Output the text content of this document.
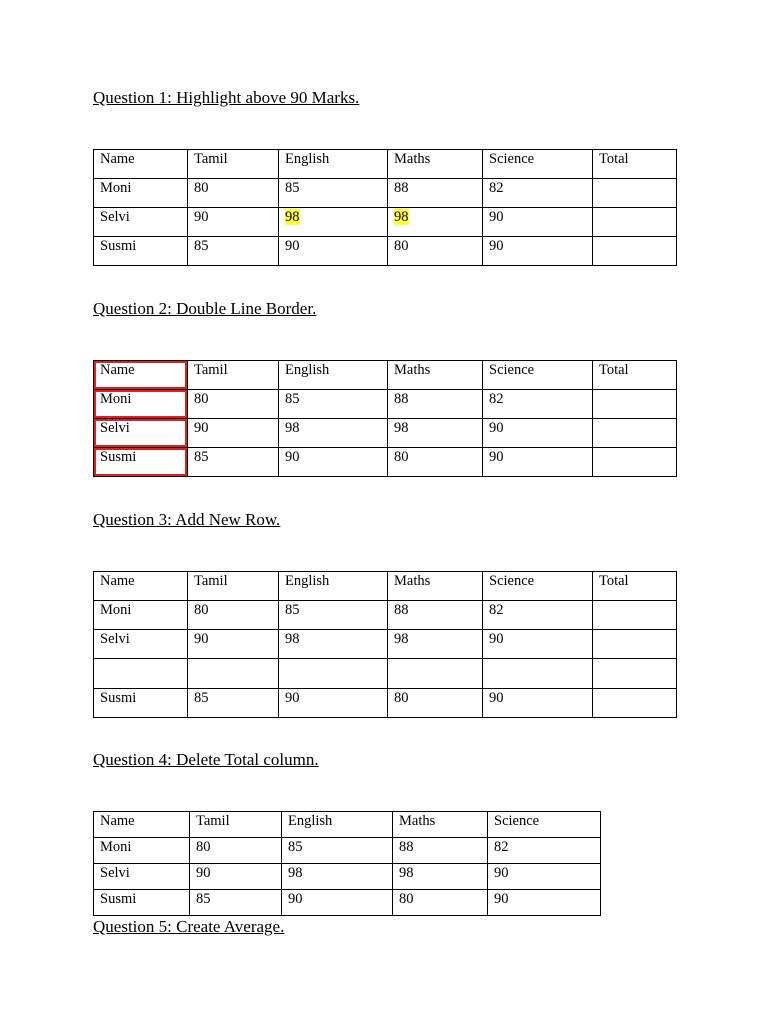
Question 1: Highlight above 90 Marks.
Name	Tamil	English	Maths	Science	Total
Moni	80	85	88	82	
Selvi	90	98	98	90	
Susmi	85	90	80	90	
Question 2: Double Line Border.
Name	Tamil	English	Maths	Science	Total
Moni	80	85	88	82	
Selvi	90	98	98	90	
Susmi	85	90	80	90	
Question 3: Add New Row.
Name	Tamil	English	Maths	Science	Total
Moni	80	85	88	82	
Selvi	90	98	98	90	

Susmi	85	90	80	90	
Question 4: Delete Total column.
Name	Tamil	English	Maths	Science
Moni	80	85	88	82
Selvi	90	98	98	90
Susmi	85	90	80	90
Question 5: Create Average.
